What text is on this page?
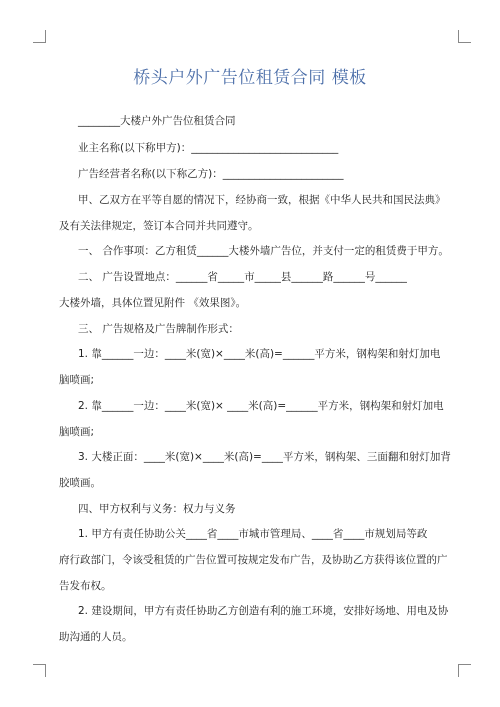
桥头户外广告位租赁合同 模板
________大楼户外广告位租赁合同
业主名称(以下称甲方)：____________________________
广告经营者名称(以下称乙方)：_______________________
甲、乙双方在平等自愿的情况下，经协商一致，根据《中华人民共和国民法典》
及有关法律规定，签订本合同并共同遵守。
一、 合作事项：乙方租赁______大楼外墙广告位，并支付一定的租赁费于甲方。
二、 广告设置地点：______省_____市_____县______路______号______
大楼外墙，具体位置见附件 《效果图》。
三、 广告规格及广告牌制作形式：
1. 靠______一边：____米(宽)×____米(高)=______平方米，钢构架和射灯加电
脑喷画;
2. 靠______一边：____米(宽)× ____米(高)=______平方米，钢构架和射灯加电
脑喷画;
3. 大楼正面：____米(宽)×____米(高)=____平方米，钢构架、三面翻和射灯加背
胶喷画。
四、甲方权利与义务：权力与义务
1. 甲方有责任协助公关____省____市城市管理局、____省____市规划局等政
府行政部门，令该受租赁的广告位置可按规定发布广告，及协助乙方获得该位置的广
告发布权。
2. 建设期间，甲方有责任协助乙方创造有利的施工环境，安排好场地、用电及协
助沟通的人员。
